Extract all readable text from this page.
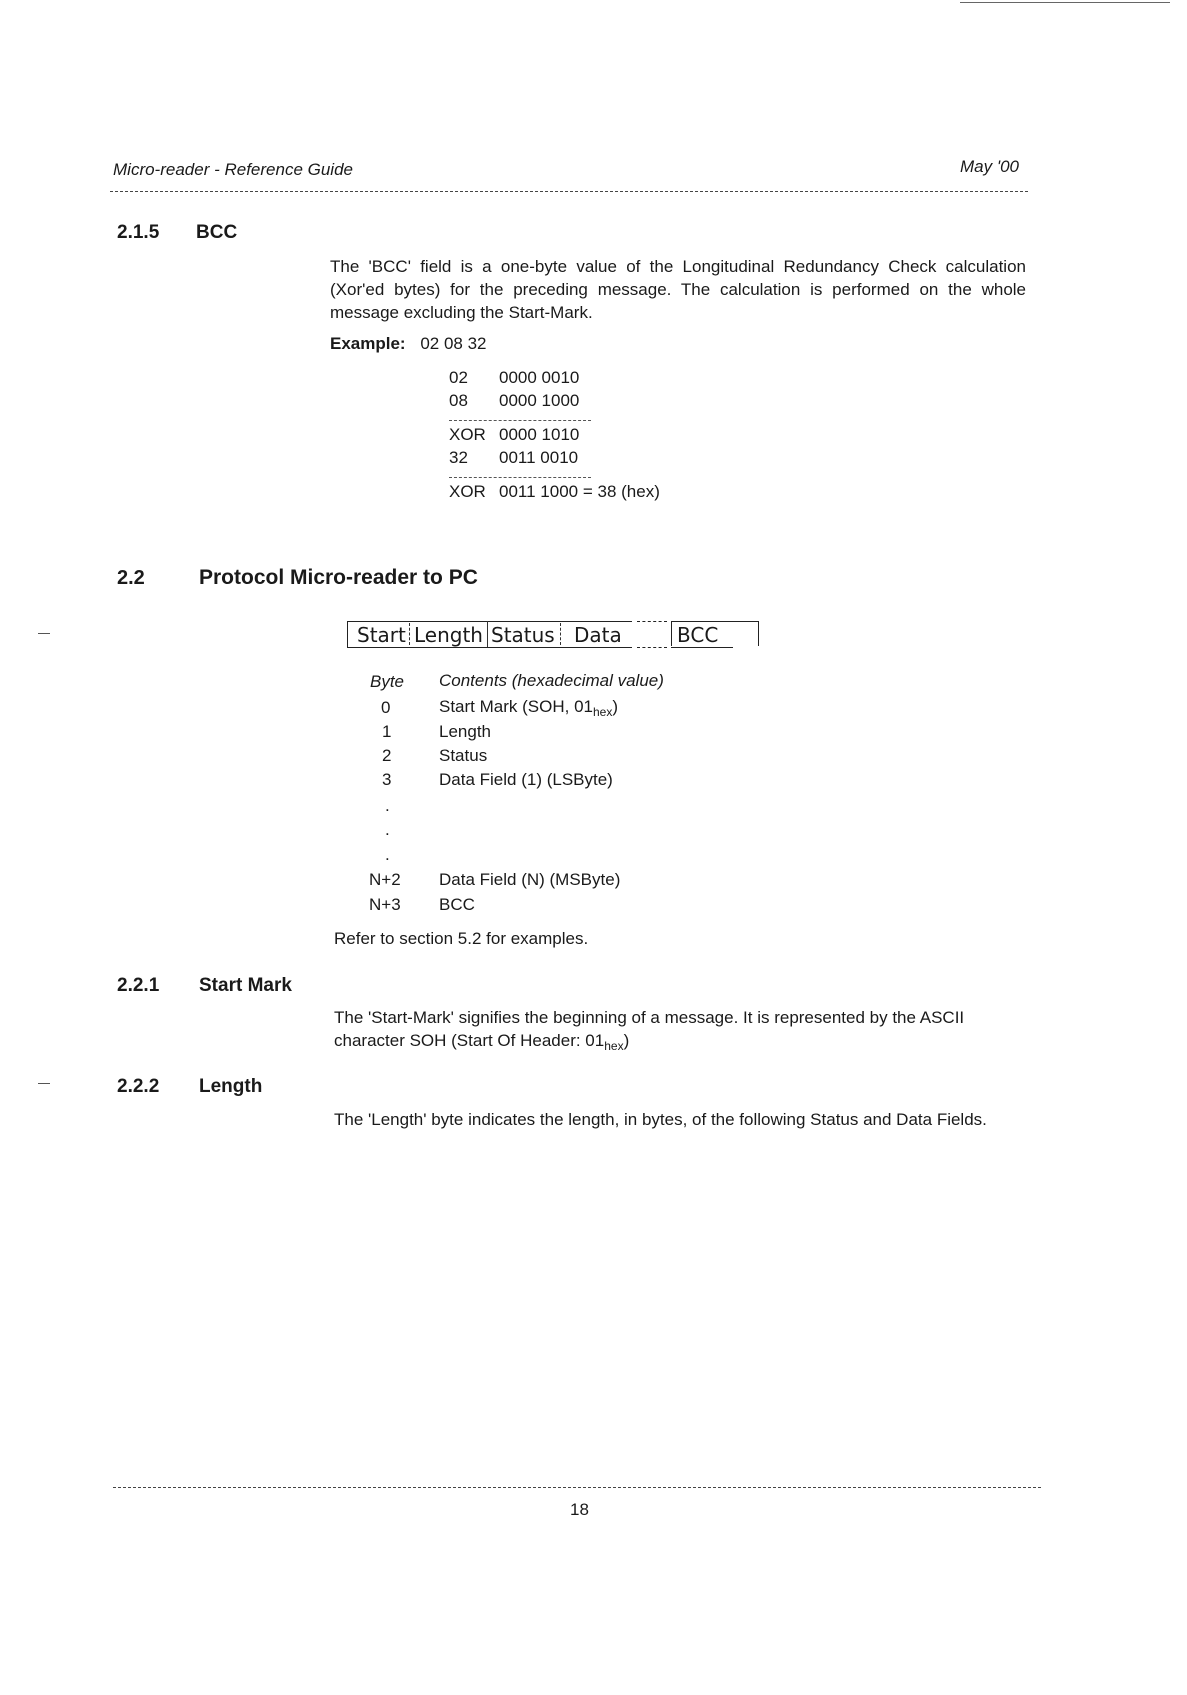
Micro-reader - Reference Guide	May '00
2.1.5 BCC
The 'BCC' field is a one-byte value of the Longitudinal Redundancy Check calculation (Xor'ed bytes) for the preceding message. The calculation is performed on the whole message excluding the Start-Mark.
Example: 02 08 32
02 0000 0010
08 0000 1000
XOR 0000 1010
32 0011 0010
XOR 0011 1000 = 38 (hex)
2.2	Protocol Micro-reader to PC
Start Length Status Data	BCC
Byte Contents (hexadecimal value)
0	Start Mark (SOH, $01_{hex}$)
1	Length
2	Status
3	Data Field (1) (LSByte)
.
.
.
N+2 Data Field (N) (MSByte)
N+3 BCC
Refer to section 5.2 for examples.
2.2.1 Start Mark
The 'Start-Mark' signifies the beginning of a message. It is represented by the ASCII character SOH (Start Of Header: $01_{hex}$)
2.2.2 Length
The 'Length' byte indicates the length, in bytes, of the following Status and Data Fields.
18
